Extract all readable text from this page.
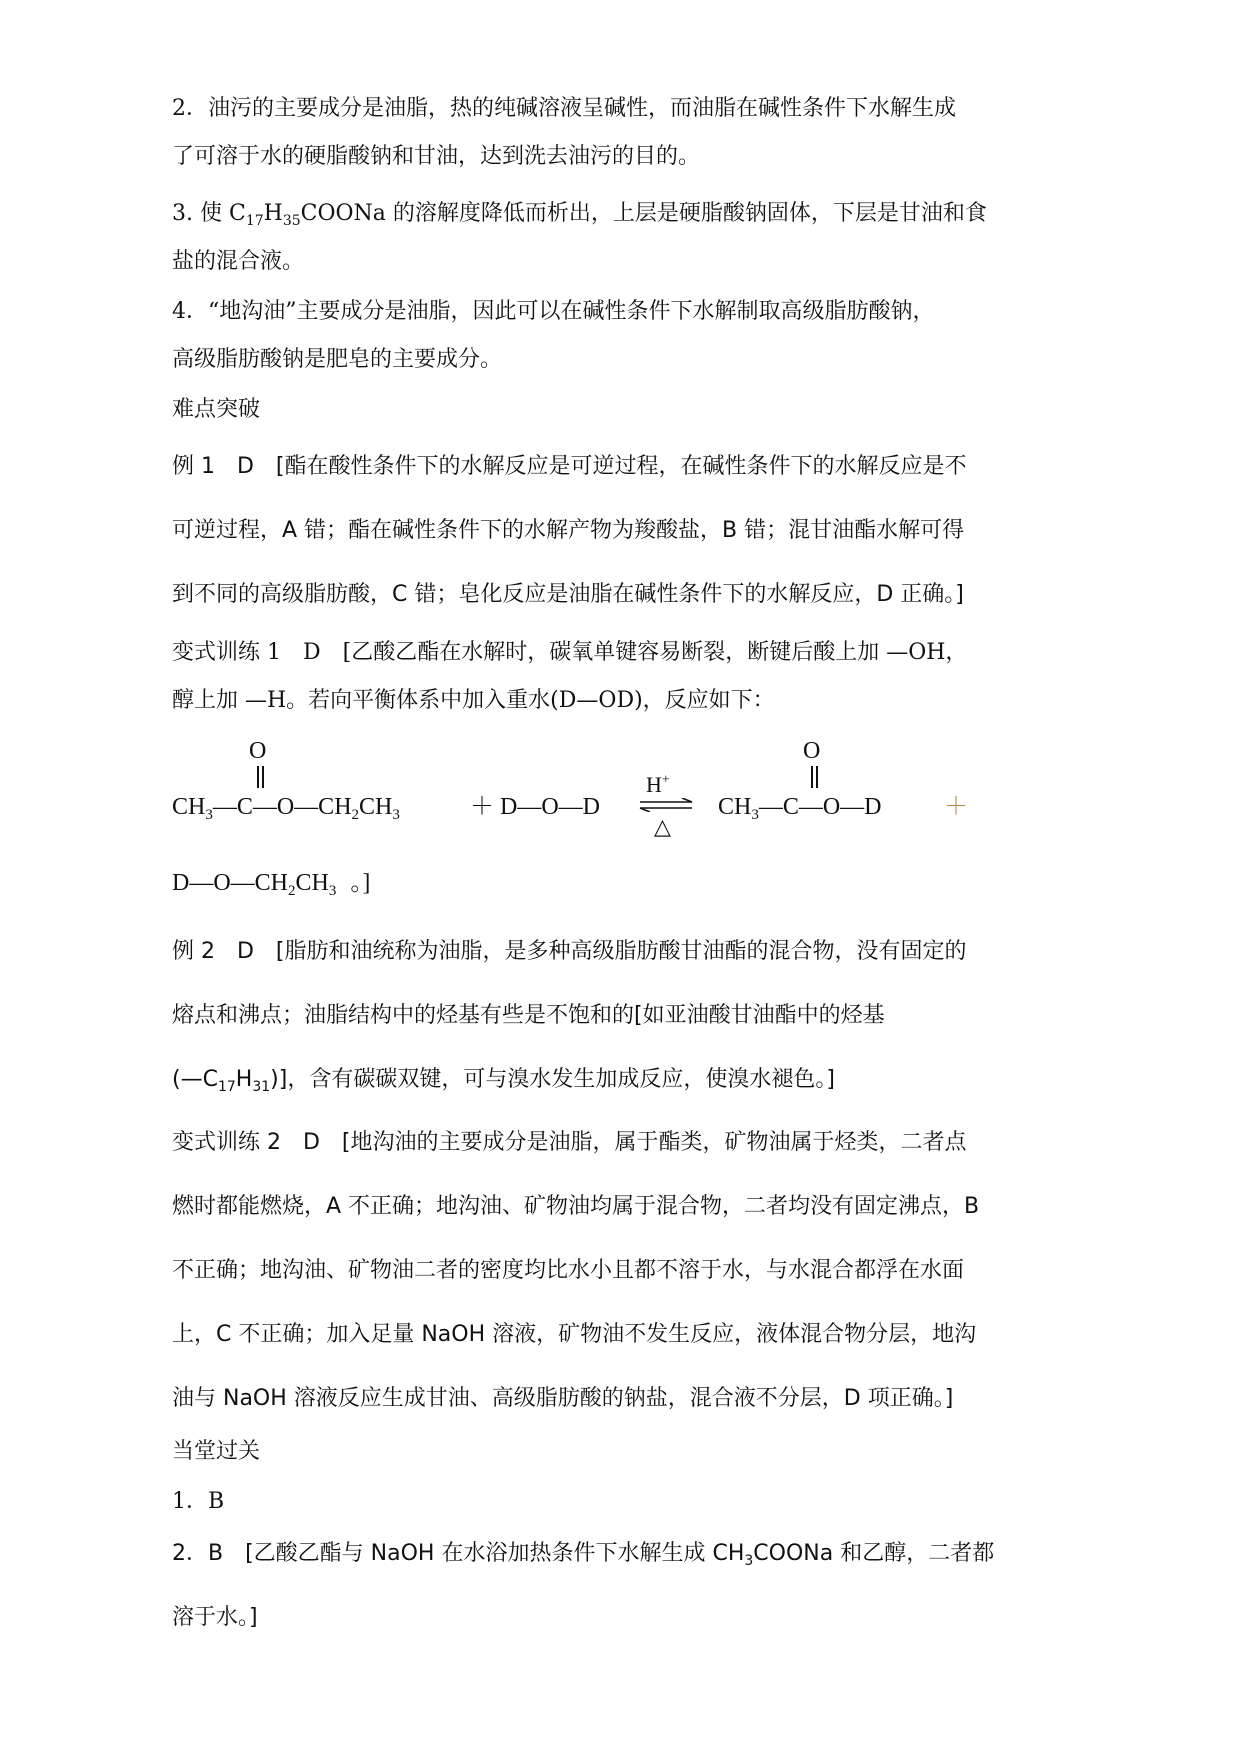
2．油污的主要成分是油脂，热的纯碱溶液呈碱性，而油脂在碱性条件下水解生成
了可溶于水的硬脂酸钠和甘油，达到洗去油污的目的。
3. 使 $C_{17}H_{35}COONa$ 的溶解度降低而析出，上层是硬脂酸钠固体，下层是甘油和食
盐的混合液。
4．“地沟油”主要成分是油脂，因此可以在碱性条件下水解制取高级脂肪酸钠，
高级脂肪酸钠是肥皂的主要成分。
难点突破
例 1　D　[酯在酸性条件下的水解反应是可逆过程，在碱性条件下的水解反应是不
可逆过程，A 错；酯在碱性条件下的水解产物为羧酸盐，B 错；混甘油酯水解可得
到不同的高级脂肪酸，C 错；皂化反应是油脂在碱性条件下的水解反应，D 正确。]
变式训练 1　D　[乙酸乙酯在水解时，碳氧单键容易断裂，断键后酸上加 —OH，
醇上加 —H。若向平衡体系中加入重水(D—OD)，反应如下：
O
$CH_3—C—O—CH_2CH_3$	＋ D—O—D
H+
△
O
$CH_3—C—O—D$	＋
$D—O—CH_2CH_3$ 。]
例 2　D　[脂肪和油统称为油脂，是多种高级脂肪酸甘油酯的混合物，没有固定的
熔点和沸点；油脂结构中的烃基有些是不饱和的[如亚油酸甘油酯中的烃基
$(—C_{17}H_{31})$]，含有碳碳双键，可与溴水发生加成反应，使溴水褪色。]
变式训练 2　D　[地沟油的主要成分是油脂，属于酯类，矿物油属于烃类，二者点
燃时都能燃烧，A 不正确；地沟油、矿物油均属于混合物，二者均没有固定沸点，B
不正确；地沟油、矿物油二者的密度均比水小且都不溶于水，与水混合都浮在水面
上，C 不正确；加入足量 NaOH 溶液，矿物油不发生反应，液体混合物分层，地沟
油与 NaOH 溶液反应生成甘油、高级脂肪酸的钠盐，混合液不分层，D 项正确。]
当堂过关
1．B
2．B　[乙酸乙酯与 NaOH 在水浴加热条件下水解生成 $CH_3COONa$ 和乙醇，二者都
溶于水。]
